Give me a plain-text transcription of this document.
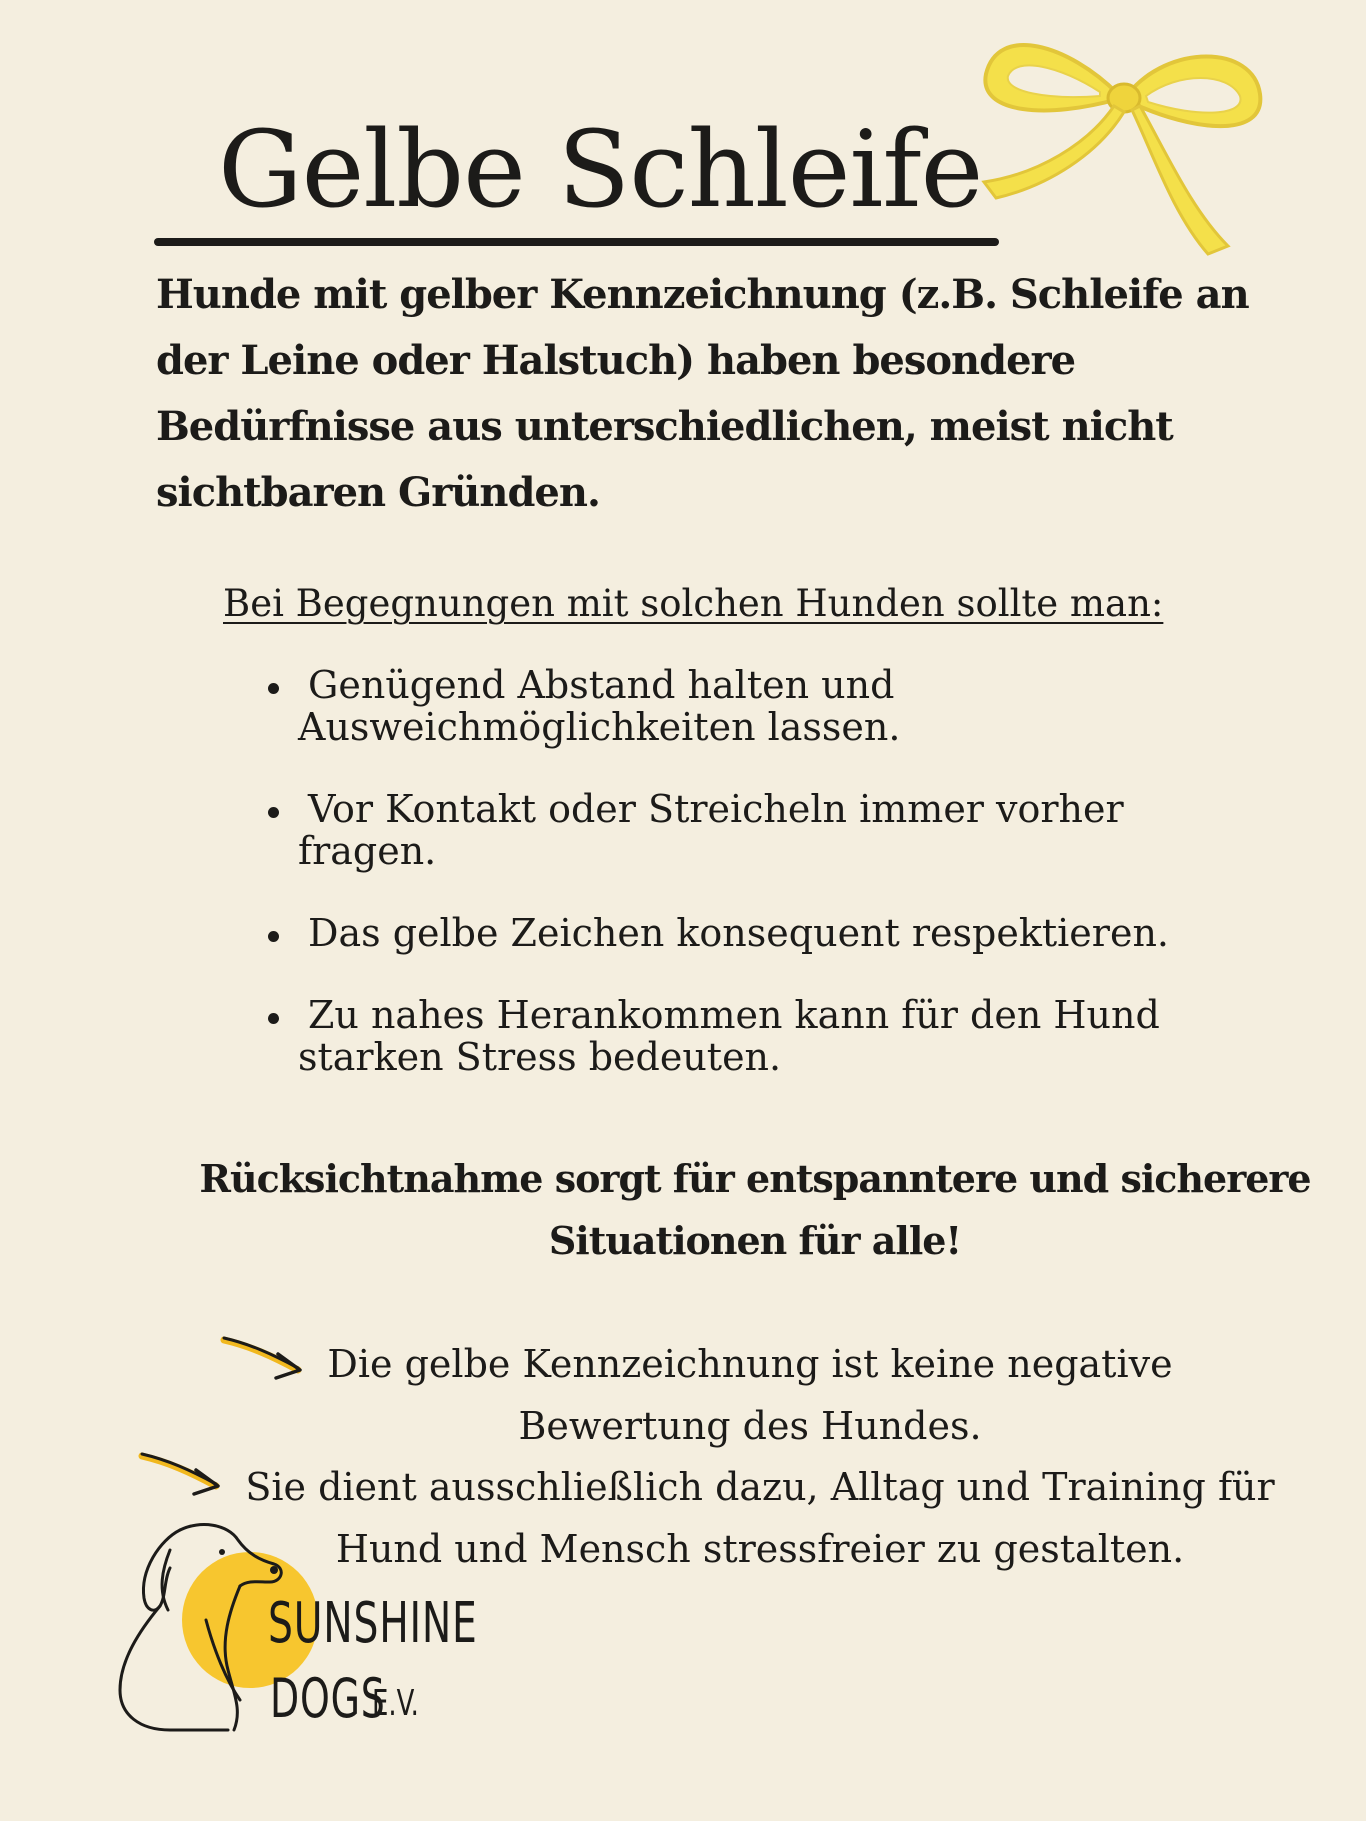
Gelbe Schleife

Hunde mit gelber Kennzeichnung (z.B. Schleife an der Leine oder Halstuch) haben besondere Bedürfnisse aus unterschiedlichen, meist nicht sichtbaren Gründen.

Bei Begegnungen mit solchen Hunden sollte man:

Genügend Abstand halten und Ausweichmöglichkeiten lassen.
Vor Kontakt oder Streicheln immer vorher fragen.
Das gelbe Zeichen konsequent respektieren.
Zu nahes Herankommen kann für den Hund starken Stress bedeuten.

Rücksichtnahme sorgt für entspanntere und sicherere Situationen für alle!

Die gelbe Kennzeichnung ist keine negative Bewertung des Hundes.

Sie dient ausschließlich dazu, Alltag und Training für Hund und Mensch stressfreier zu gestalten.

SUNSHINE
DOGS
E.V.
